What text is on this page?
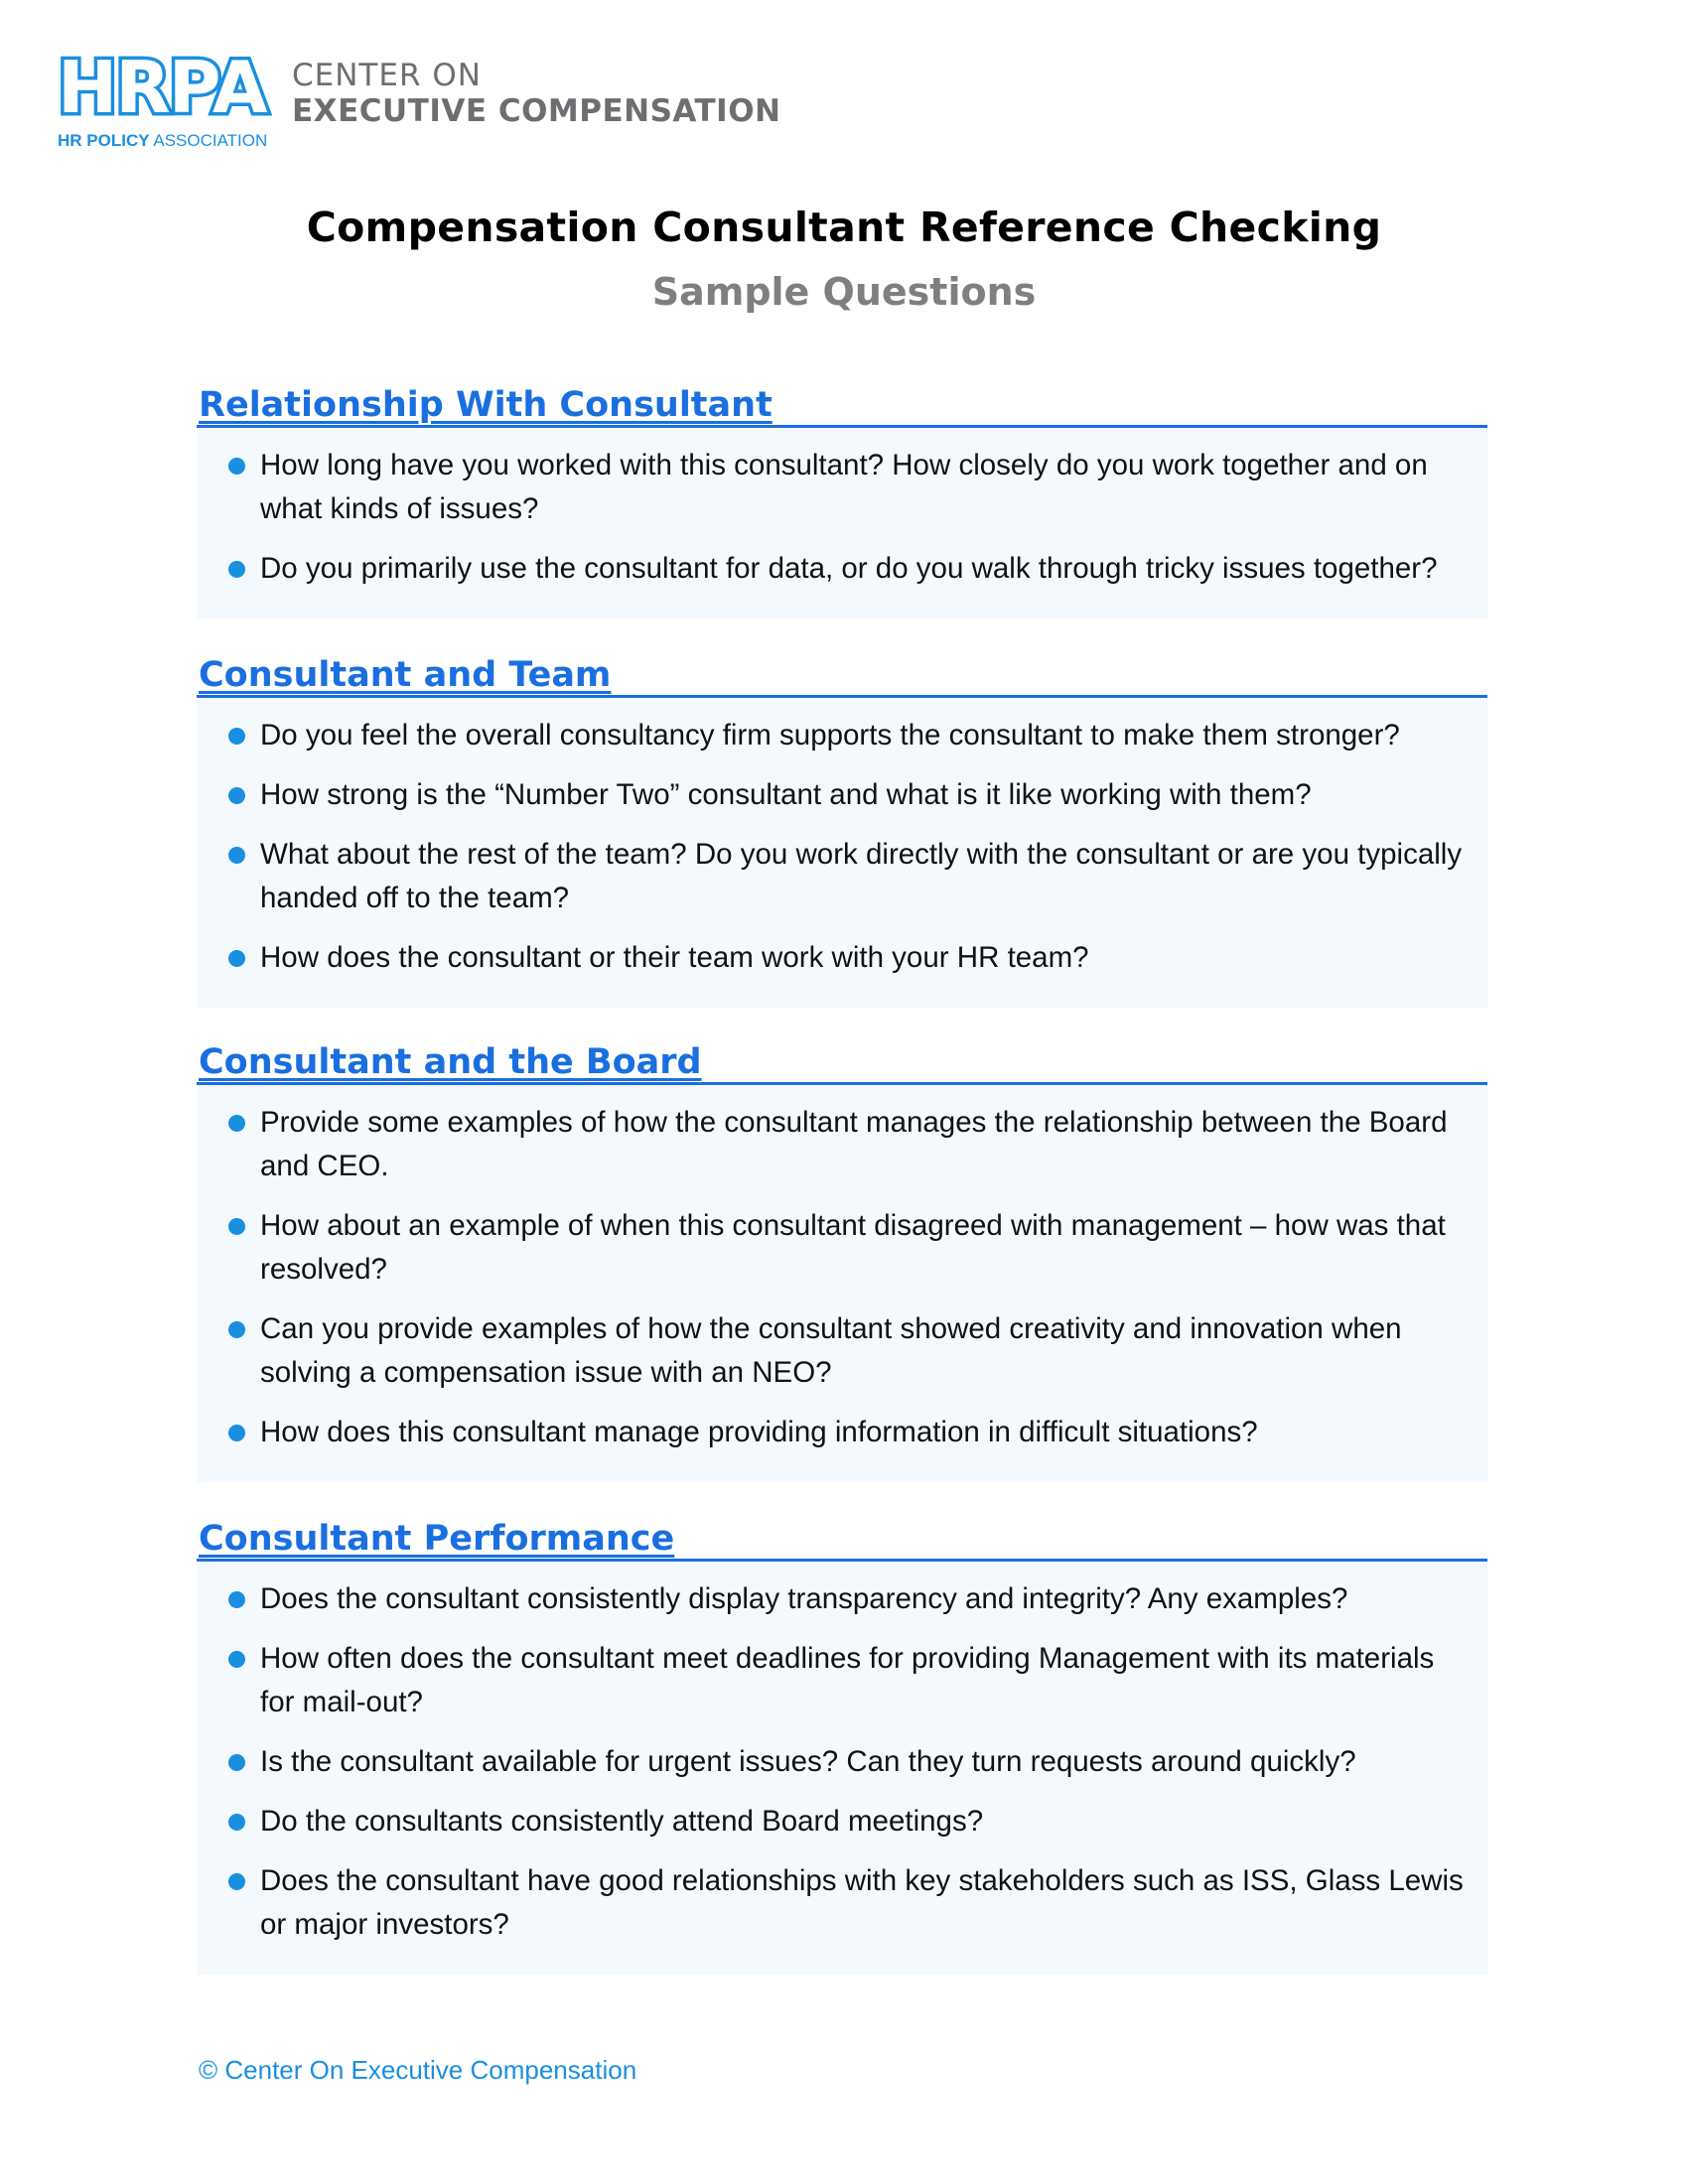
HRPA
HR POLICY ASSOCIATION
CENTER ON
EXECUTIVE COMPENSATION
Compensation Consultant Reference Checking
Sample Questions
Relationship With Consultant
How long have you worked with this consultant? How closely do you work together and on what kinds of issues?
Do you primarily use the consultant for data, or do you walk through tricky issues together?
Consultant and Team
Do you feel the overall consultancy firm supports the consultant to make them stronger?
How strong is the “Number Two” consultant and what is it like working with them?
What about the rest of the team? Do you work directly with the consultant or are you typically handed off to the team?
How does the consultant or their team work with your HR team?
Consultant and the Board
Provide some examples of how the consultant manages the relationship between the Board and CEO.
How about an example of when this consultant disagreed with management – how was that resolved?
Can you provide examples of how the consultant showed creativity and innovation when solving a compensation issue with an NEO?
How does this consultant manage providing information in difficult situations?
Consultant Performance
Does the consultant consistently display transparency and integrity? Any examples?
How often does the consultant meet deadlines for providing Management with its materials for mail-out?
Is the consultant available for urgent issues? Can they turn requests around quickly?
Do the consultants consistently attend Board meetings?
Does the consultant have good relationships with key stakeholders such as ISS, Glass Lewis or major investors?
© Center On Executive Compensation
